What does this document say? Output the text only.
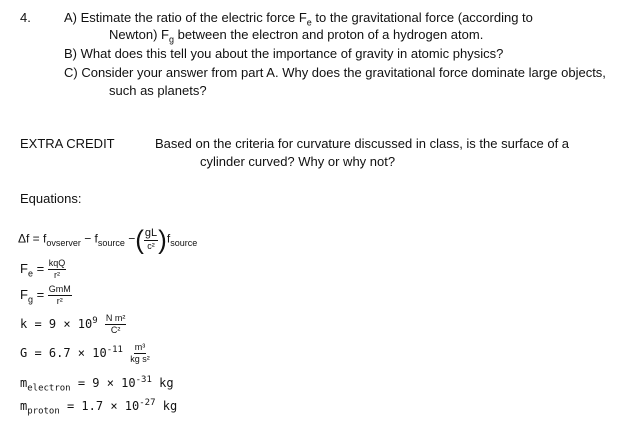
4.	A) Estimate the ratio of the electric force $F_e$ to the gravitational force (according to
Newton) $F_g$ between the electron and proton of a hydrogen atom.
B) What does this tell you about the importance of gravity in atomic physics?
C) Consider your answer from part A. Why does the gravitational force dominate large objects,
such as planets?
EXTRA CREDIT	Based on the criteria for curvature discussed in class, is the surface of a
cylinder curved? Why or why not?
Equations:
$\Delta f = f_{ovserver} - f_{source}$ −( $\frac{gL}{\text{c²}} )f_{source}$
$F_e = \frac{\text{kqQ}}{\text{r²}}$
$F_g = \frac{\text{GmM}}{\text{r²}}$
$k = 9 \times 10^9 \frac{\text{N m²}}{\text{C²}}$
$G = 6.7 \times 10^{-11} \frac{\text{m³}}{\text{kg s²}}$
$m_{electron} = 9 \times 10^{-31}$ kg
$m_{proton} = 1.7 \times 10^{-27}$ kg
